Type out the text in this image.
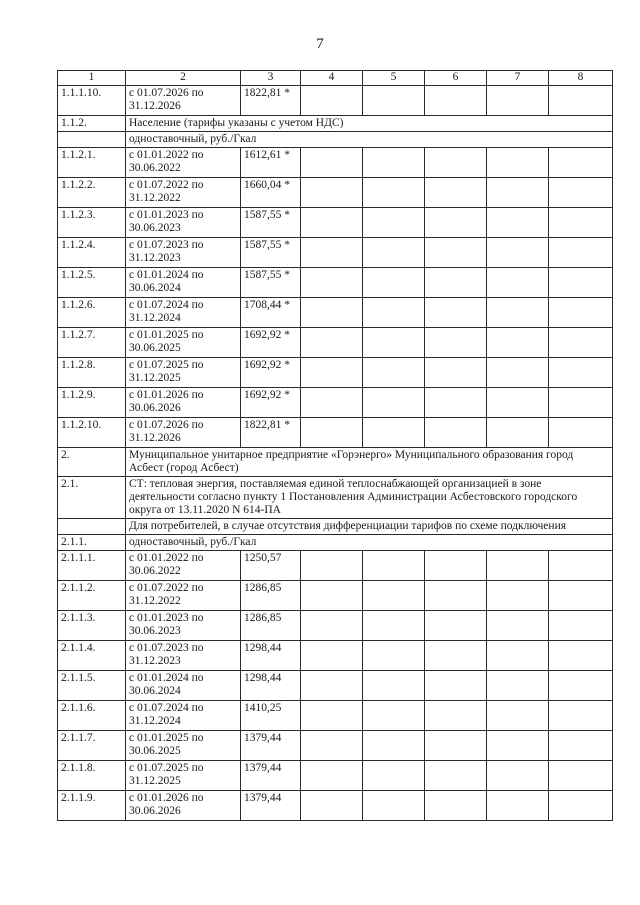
7
1	2	3	4	5	6	7	8
1.1.1.10.	с 01.07.2026 по 31.12.2026	1822,81 *					
1.1.2.	Население (тарифы указаны с учетом НДС)						
	одноставочный, руб./Гкал						
1.1.2.1.	с 01.01.2022 по 30.06.2022	1612,61 *					
1.1.2.2.	с 01.07.2022 по 31.12.2022	1660,04 *					
1.1.2.3.	с 01.01.2023 по 30.06.2023	1587,55 *					
1.1.2.4.	с 01.07.2023 по 31.12.2023	1587,55 *					
1.1.2.5.	с 01.01.2024 по 30.06.2024	1587,55 *					
1.1.2.6.	с 01.07.2024 по 31.12.2024	1708,44 *					
1.1.2.7.	с 01.01.2025 по 30.06.2025	1692,92 *					
1.1.2.8.	с 01.07.2025 по 31.12.2025	1692,92 *					
1.1.2.9.	с 01.01.2026 по 30.06.2026	1692,92 *					
1.1.2.10.	с 01.07.2026 по 31.12.2026	1822,81 *					
2.	Муниципальное унитарное предприятие «Горэнерго» Муниципального образования город Асбест (город Асбест)						
2.1.	СТ: тепловая энергия, поставляемая единой теплоснабжающей организацией в зоне деятельности согласно пункту 1 Постановления Администрации Асбестовского городского округа от 13.11.2020 N 614-ПА						
	Для потребителей, в случае отсутствия дифференциации тарифов по схеме подключения						
2.1.1.	одноставочный, руб./Гкал						
2.1.1.1.	с 01.01.2022 по 30.06.2022	1250,57					
2.1.1.2.	с 01.07.2022 по 31.12.2022	1286,85					
2.1.1.3.	с 01.01.2023 по 30.06.2023	1286,85					
2.1.1.4.	с 01.07.2023 по 31.12.2023	1298,44					
2.1.1.5.	с 01.01.2024 по 30.06.2024	1298,44					
2.1.1.6.	с 01.07.2024 по 31.12.2024	1410,25					
2.1.1.7.	с 01.01.2025 по 30.06.2025	1379,44					
2.1.1.8.	с 01.07.2025 по 31.12.2025	1379,44					
2.1.1.9.	с 01.01.2026 по 30.06.2026	1379,44					
